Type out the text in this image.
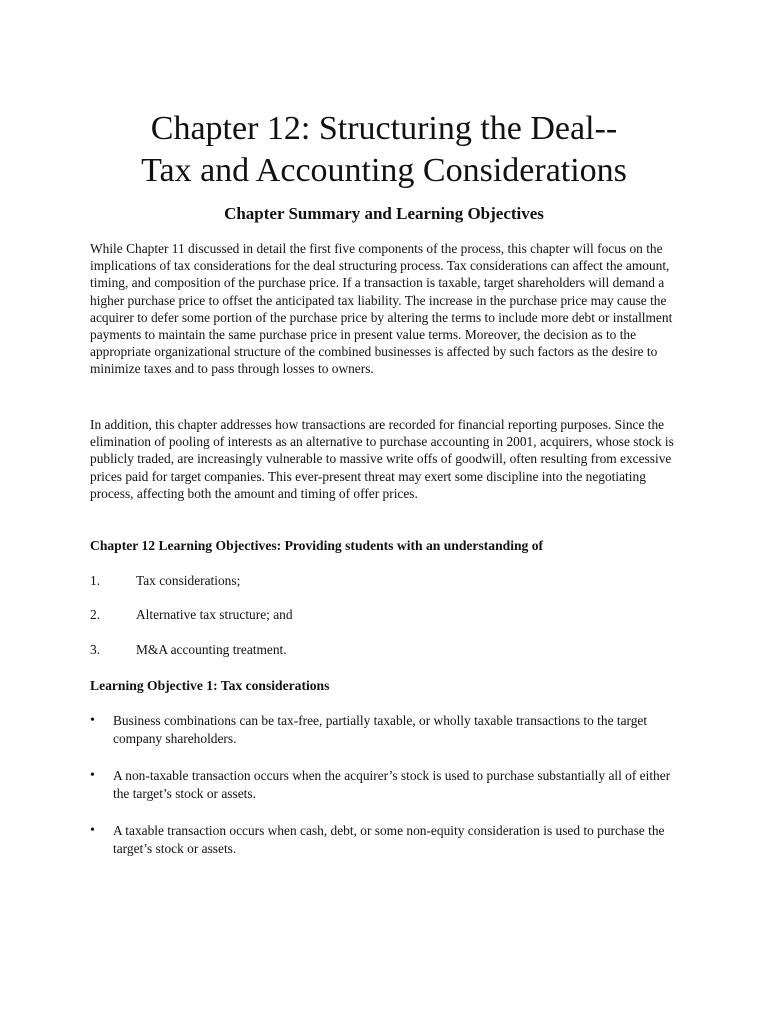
Chapter 12: Structuring the Deal--
Tax and Accounting Considerations
Chapter Summary and Learning Objectives

While Chapter 11 discussed in detail the first five components of the process, this chapter will focus on the implications of tax considerations for the deal structuring process. Tax considerations can affect the amount, timing, and composition of the purchase price. If a transaction is taxable, target shareholders will demand a higher purchase price to offset the anticipated tax liability. The increase in the purchase price may cause the acquirer to defer some portion of the purchase price by altering the terms to include more debt or installment payments to maintain the same purchase price in present value terms. Moreover, the decision as to the appropriate organizational structure of the combined businesses is affected by such factors as the desire to minimize taxes and to pass through losses to owners.

In addition, this chapter addresses how transactions are recorded for financial reporting purposes. Since the elimination of pooling of interests as an alternative to purchase accounting in 2001, acquirers, whose stock is publicly traded, are increasingly vulnerable to massive write offs of goodwill, often resulting from excessive prices paid for target companies. This ever-present threat may exert some discipline into the negotiating process, affecting both the amount and timing of offer prices.

Chapter 12 Learning Objectives: Providing students with an understanding of

1.	Tax considerations;
2.	Alternative tax structure; and
3.	M&A accounting treatment.

Learning Objective 1: Tax considerations

• Business combinations can be tax-free, partially taxable, or wholly taxable transactions to the target company shareholders.
• A non-taxable transaction occurs when the acquirer’s stock is used to purchase substantially all of either the target’s stock or assets.
• A taxable transaction occurs when cash, debt, or some non-equity consideration is used to purchase the target’s stock or assets.
